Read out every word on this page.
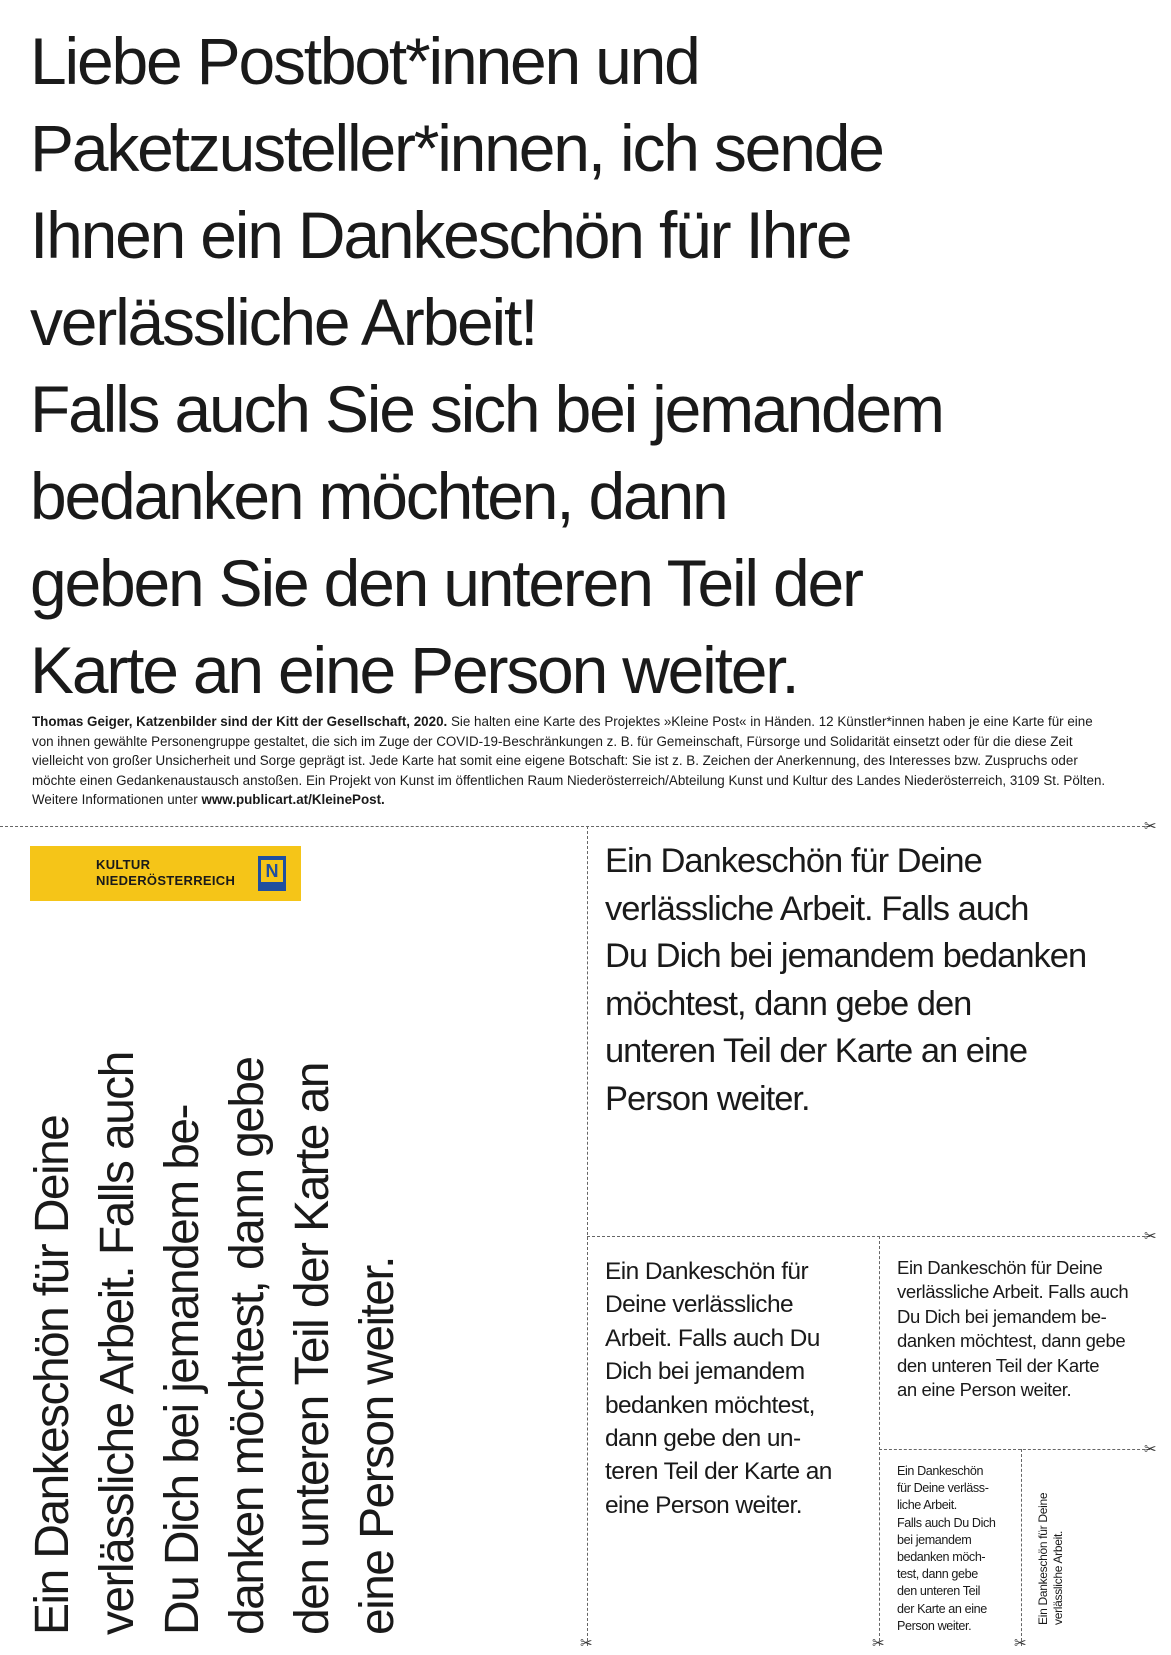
Liebe Postbot*innen und
Paketzusteller*innen, ich sende
Ihnen ein Dankeschön für Ihre
verlässliche Arbeit!
Falls auch Sie sich bei jemandem
bedanken möchten, dann
geben Sie den unteren Teil der
Karte an eine Person weiter.

Thomas Geiger, Katzenbilder sind der Kitt der Gesellschaft, 2020. Sie halten eine Karte des Projektes »Kleine Post« in Händen. 12 Künstler*innen haben je eine Karte für eine von ihnen gewählte Personengruppe gestaltet, die sich im Zuge der COVID-19-Beschränkungen z. B. für Gemeinschaft, Fürsorge und Solidarität einsetzt oder für die diese Zeit vielleicht von großer Unsicherheit und Sorge geprägt ist. Jede Karte hat somit eine eigene Botschaft: Sie ist z. B. Zeichen der Anerkennung, des Interesses bzw. Zuspruchs oder möchte einen Gedankenaustausch anstoßen. Ein Projekt von Kunst im öffentlichen Raum Niederösterreich/Abteilung Kunst und Kultur des Landes Niederösterreich, 3109 St. Pölten. Weitere Informationen unter www.publicart.at/KleinePost.

✂
✂
✂
✂	✂	✂
KULTUR
NIEDERÖSTERREICH N

Ein Dankeschön für Deine verlässliche Arbeit. Falls auch Du Dich bei jemandem be- danken möchtest, dann gebe den unteren Teil der Karte an eine Person weiter.

Ein Dankeschön für Deine
verlässliche Arbeit. Falls auch
Du Dich bei jemandem bedanken
möchtest, dann gebe den
unteren Teil der Karte an eine
Person weiter.

Ein Dankeschön für
Deine verlässliche
Arbeit. Falls auch Du
Dich bei jemandem
bedanken möchtest,
dann gebe den un-
teren Teil der Karte an
eine Person weiter.

Ein Dankeschön für Deine
verlässliche Arbeit. Falls auch
Du Dich bei jemandem be-
danken möchtest, dann gebe
den unteren Teil der Karte
an eine Person weiter.

Ein Dankeschön
für Deine verläss-
liche Arbeit.
Falls auch Du Dich
bei jemandem
bedanken möch-
test, dann gebe
den unteren Teil
der Karte an eine
Person weiter.

Ein Dankeschön für Deine verlässliche Arbeit.
